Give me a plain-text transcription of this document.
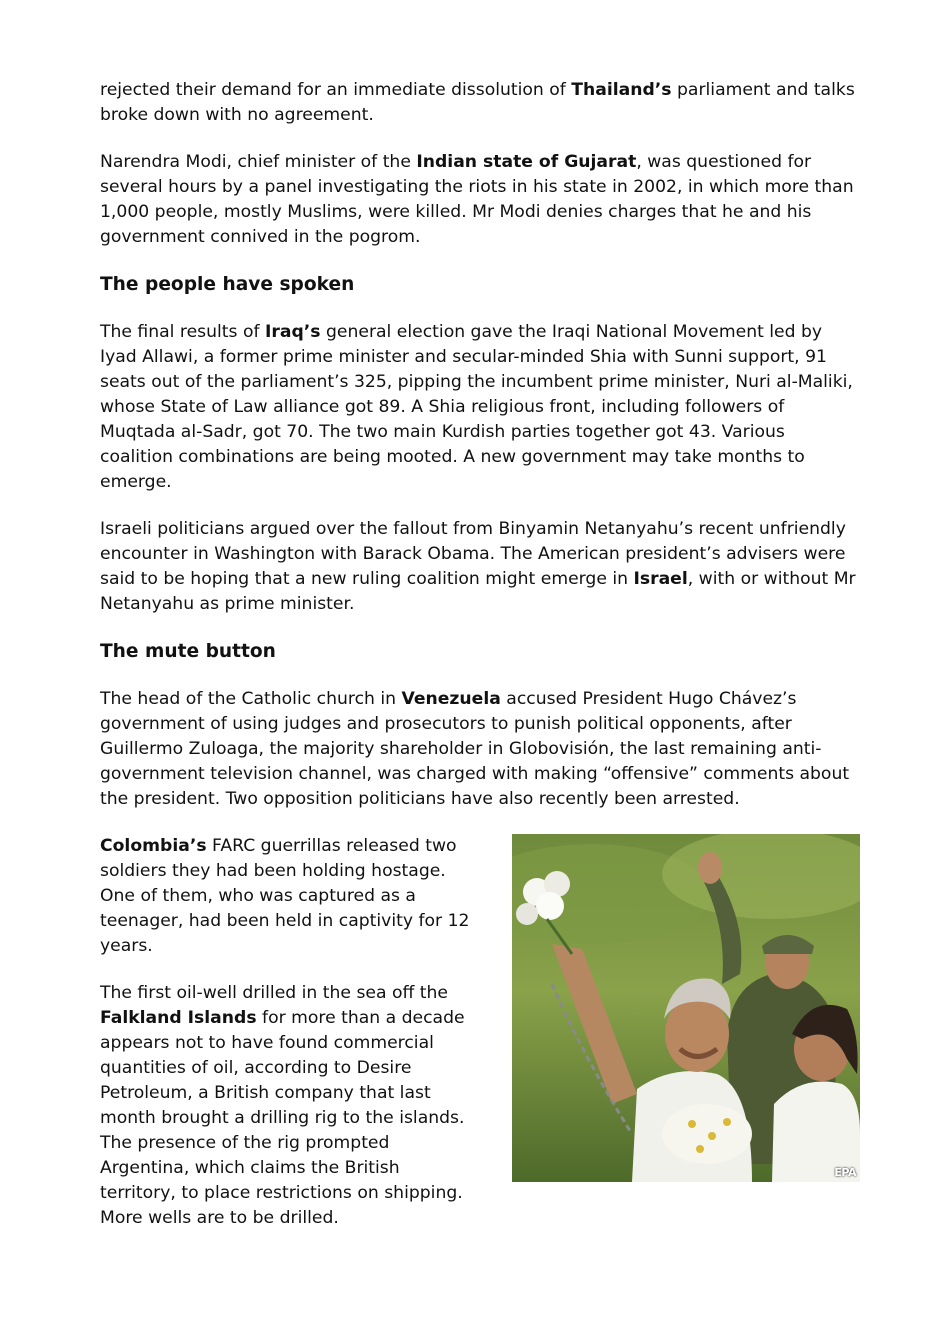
rejected their demand for an immediate dissolution of Thailand’s parliament and talks broke down with no agreement.

Narendra Modi, chief minister of the Indian state of Gujarat, was questioned for several hours by a panel investigating the riots in his state in 2002, in which more than 1,000 people, mostly Muslims, were killed. Mr Modi denies charges that he and his government connived in the pogrom.

The people have spoken

The final results of Iraq’s general election gave the Iraqi National Movement led by Iyad Allawi, a former prime minister and secular-minded Shia with Sunni support, 91 seats out of the parliament’s 325, pipping the incumbent prime minister, Nuri al-Maliki, whose State of Law alliance got 89. A Shia religious front, including followers of Muqtada al-Sadr, got 70. The two main Kurdish parties together got 43. Various coalition combinations are being mooted. A new government may take months to emerge.

Israeli politicians argued over the fallout from Binyamin Netanyahu’s recent unfriendly encounter in Washington with Barack Obama. The American president’s advisers were said to be hoping that a new ruling coalition might emerge in Israel, with or without Mr Netanyahu as prime minister.

The mute button

The head of the Catholic church in Venezuela accused President Hugo Chávez’s government of using judges and prosecutors to punish political opponents, after Guillermo Zuloaga, the majority shareholder in Globovisión, the last remaining anti-government television channel, was charged with making “offensive” comments about the president. Two opposition politicians have also recently been arrested.

EPA

Colombia’s FARC guerrillas released two soldiers they had been holding hostage. One of them, who was captured as a teenager, had been held in captivity for 12 years.

The first oil-well drilled in the sea off the Falkland Islands for more than a decade appears not to have found commercial quantities of oil, according to Desire Petroleum, a British company that last month brought a drilling rig to the islands. The presence of the rig prompted Argentina, which claims the British territory, to place restrictions on shipping. More wells are to be drilled.
